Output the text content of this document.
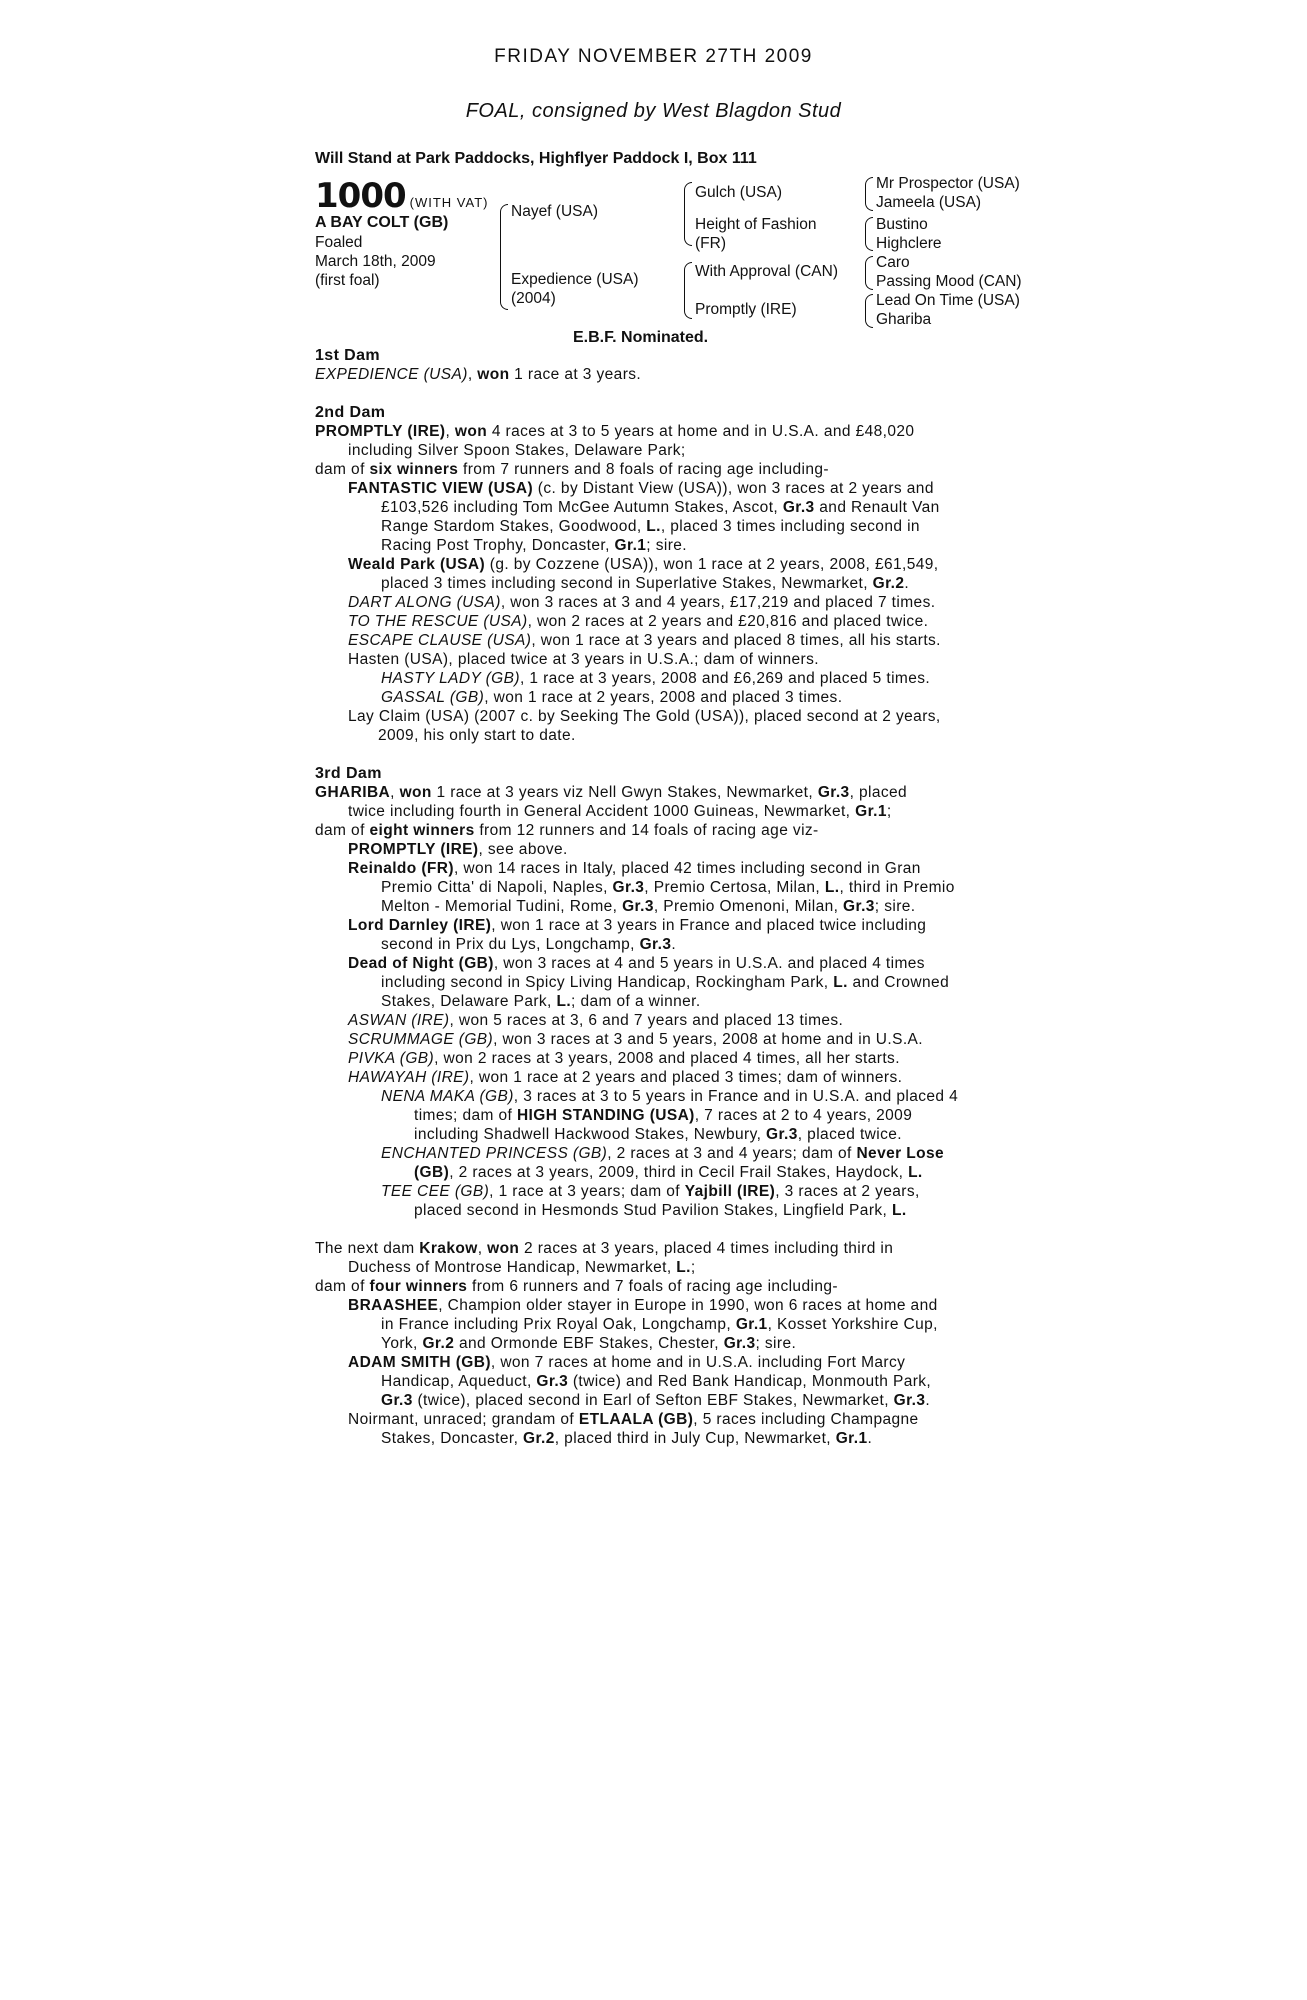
FRIDAY NOVEMBER 27TH 2009
FOAL, consigned by West Blagdon Stud
Will Stand at Park Paddocks, Highflyer Paddock I, Box 111
1000 (WITH VAT)
A BAY COLT (GB)
Foaled
March 18th, 2009
(first foal)
Nayef (USA)
Expedience (USA)
(2004)
Gulch (USA)
Height of Fashion
(FR)
With Approval (CAN)
Promptly (IRE)
Mr Prospector (USA)
Jameela (USA)
Bustino
Highclere
Caro
Passing Mood (CAN)
Lead On Time (USA)
Ghariba
E.B.F. Nominated.
1st Dam
EXPEDIENCE (USA), won 1 race at 3 years.
2nd Dam
PROMPTLY (IRE), won 4 races at 3 to 5 years at home and in U.S.A. and £48,020
including Silver Spoon Stakes, Delaware Park;
dam of six winners from 7 runners and 8 foals of racing age including-
FANTASTIC VIEW (USA) (c. by Distant View (USA)), won 3 races at 2 years and
£103,526 including Tom McGee Autumn Stakes, Ascot, Gr.3 and Renault Van
Range Stardom Stakes, Goodwood, L., placed 3 times including second in
Racing Post Trophy, Doncaster, Gr.1; sire.
Weald Park (USA) (g. by Cozzene (USA)), won 1 race at 2 years, 2008, £61,549,
placed 3 times including second in Superlative Stakes, Newmarket, Gr.2.
DART ALONG (USA), won 3 races at 3 and 4 years, £17,219 and placed 7 times.
TO THE RESCUE (USA), won 2 races at 2 years and £20,816 and placed twice.
ESCAPE CLAUSE (USA), won 1 race at 3 years and placed 8 times, all his starts.
Hasten (USA), placed twice at 3 years in U.S.A.; dam of winners.
HASTY LADY (GB), 1 race at 3 years, 2008 and £6,269 and placed 5 times.
GASSAL (GB), won 1 race at 2 years, 2008 and placed 3 times.
Lay Claim (USA) (2007 c. by Seeking The Gold (USA)), placed second at 2 years,
2009, his only start to date.
3rd Dam
GHARIBA, won 1 race at 3 years viz Nell Gwyn Stakes, Newmarket, Gr.3, placed
twice including fourth in General Accident 1000 Guineas, Newmarket, Gr.1;
dam of eight winners from 12 runners and 14 foals of racing age viz-
PROMPTLY (IRE), see above.
Reinaldo (FR), won 14 races in Italy, placed 42 times including second in Gran
Premio Citta' di Napoli, Naples, Gr.3, Premio Certosa, Milan, L., third in Premio
Melton - Memorial Tudini, Rome, Gr.3, Premio Omenoni, Milan, Gr.3; sire.
Lord Darnley (IRE), won 1 race at 3 years in France and placed twice including
second in Prix du Lys, Longchamp, Gr.3.
Dead of Night (GB), won 3 races at 4 and 5 years in U.S.A. and placed 4 times
including second in Spicy Living Handicap, Rockingham Park, L. and Crowned
Stakes, Delaware Park, L.; dam of a winner.
ASWAN (IRE), won 5 races at 3, 6 and 7 years and placed 13 times.
SCRUMMAGE (GB), won 3 races at 3 and 5 years, 2008 at home and in U.S.A.
PIVKA (GB), won 2 races at 3 years, 2008 and placed 4 times, all her starts.
HAWAYAH (IRE), won 1 race at 2 years and placed 3 times; dam of winners.
NENA MAKA (GB), 3 races at 3 to 5 years in France and in U.S.A. and placed 4
times; dam of HIGH STANDING (USA), 7 races at 2 to 4 years, 2009
including Shadwell Hackwood Stakes, Newbury, Gr.3, placed twice.
ENCHANTED PRINCESS (GB), 2 races at 3 and 4 years; dam of Never Lose
(GB), 2 races at 3 years, 2009, third in Cecil Frail Stakes, Haydock, L.
TEE CEE (GB), 1 race at 3 years; dam of Yajbill (IRE), 3 races at 2 years,
placed second in Hesmonds Stud Pavilion Stakes, Lingfield Park, L.
The next dam Krakow, won 2 races at 3 years, placed 4 times including third in
Duchess of Montrose Handicap, Newmarket, L.;
dam of four winners from 6 runners and 7 foals of racing age including-
BRAASHEE, Champion older stayer in Europe in 1990, won 6 races at home and
in France including Prix Royal Oak, Longchamp, Gr.1, Kosset Yorkshire Cup,
York, Gr.2 and Ormonde EBF Stakes, Chester, Gr.3; sire.
ADAM SMITH (GB), won 7 races at home and in U.S.A. including Fort Marcy
Handicap, Aqueduct, Gr.3 (twice) and Red Bank Handicap, Monmouth Park,
Gr.3 (twice), placed second in Earl of Sefton EBF Stakes, Newmarket, Gr.3.
Noirmant, unraced; grandam of ETLAALA (GB), 5 races including Champagne
Stakes, Doncaster, Gr.2, placed third in July Cup, Newmarket, Gr.1.
